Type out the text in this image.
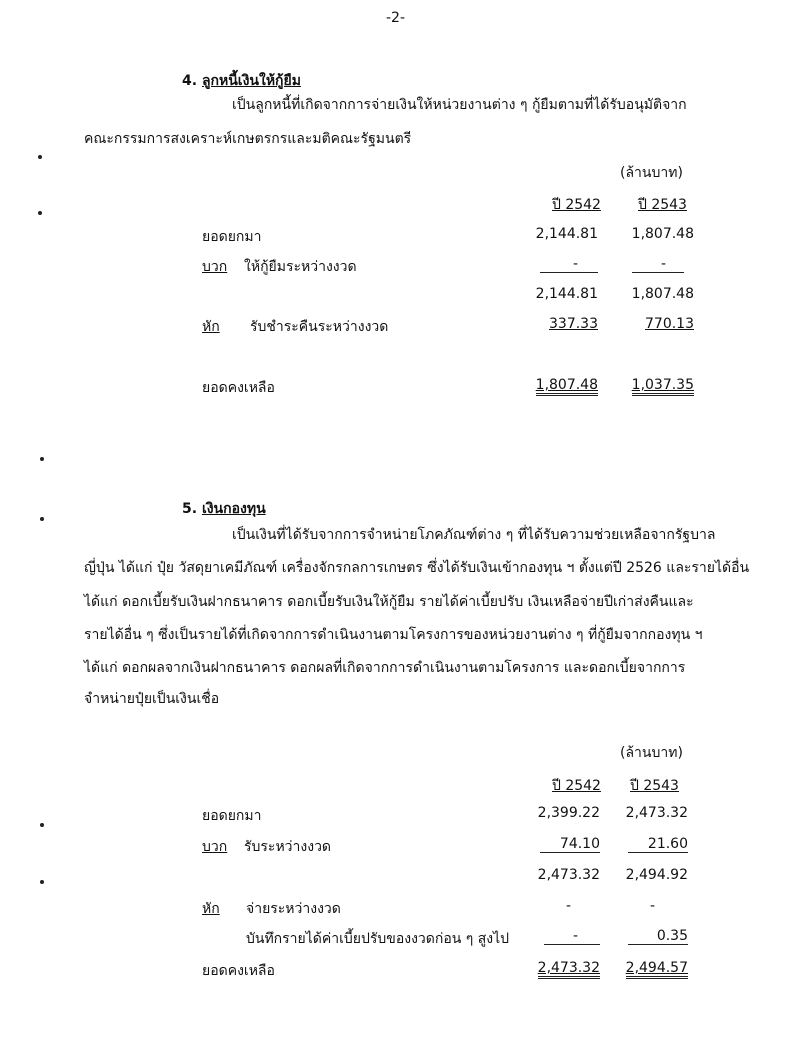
-2-
4. ลูกหนี้เงินให้กู้ยืม
เป็นลูกหนี้ที่เกิดจากการจ่ายเงินให้หน่วยงานต่าง ๆ กู้ยืมตามที่ได้รับอนุมัติจาก
คณะกรรมการสงเคราะห์เกษตรกรและมติคณะรัฐมนตรี
(ล้านบาท)
ปี 2542	ปี 2543
ยอดยกมา	2,144.81	1,807.48
บวก ให้กู้ยืมระหว่างงวด	-	-
2,144.81	1,807.48
หัก รับชำระคืนระหว่างงวด	337.33	770.13
ยอดคงเหลือ	1,807.48	1,037.35
5. เงินกองทุน
เป็นเงินที่ได้รับจากการจำหน่ายโภคภัณฑ์ต่าง ๆ ที่ได้รับความช่วยเหลือจากรัฐบาล
ญี่ปุ่น ได้แก่ ปุ๋ย วัสดุยาเคมีภัณฑ์ เครื่องจักรกลการเกษตร ซึ่งได้รับเงินเข้ากองทุน ฯ ตั้งแต่ปี 2526 และรายได้อื่น
ได้แก่ ดอกเบี้ยรับเงินฝากธนาคาร ดอกเบี้ยรับเงินให้กู้ยืม รายได้ค่าเบี้ยปรับ เงินเหลือจ่ายปีเก่าส่งคืนและ
รายได้อื่น ๆ ซึ่งเป็นรายได้ที่เกิดจากการดำเนินงานตามโครงการของหน่วยงานต่าง ๆ ที่กู้ยืมจากกองทุน ฯ
ได้แก่ ดอกผลจากเงินฝากธนาคาร ดอกผลที่เกิดจากการดำเนินงานตามโครงการ และดอกเบี้ยจากการ
จำหน่ายปุ๋ยเป็นเงินเชื่อ
(ล้านบาท)
ปี 2542 ปี 2543
ยอดยกมา	2,399.22	2,473.32
บวก รับระหว่างงวด	74.10	21.60
2,473.32	2,494.92
หัก จ่ายระหว่างงวด	-	-
บันทึกรายได้ค่าเบี้ยปรับของงวดก่อน ๆ สูงไป	-	0.35
ยอดคงเหลือ	2,473.32	2,494.57
